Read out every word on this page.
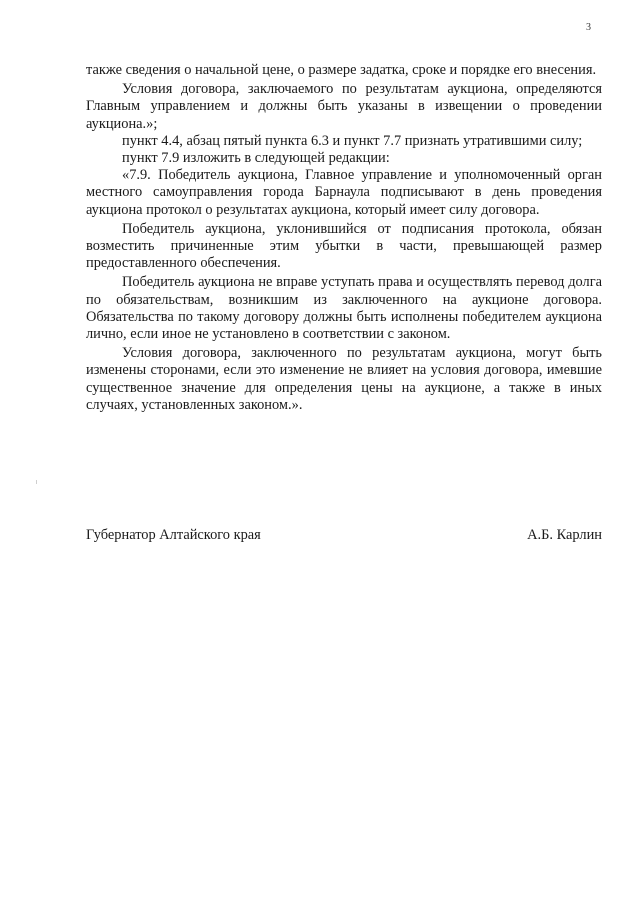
3

также сведения о начальной цене, о размере задатка, сроке и порядке его внесения.

Условия договора, заключаемого по результатам аукциона, определяются Главным управлением и должны быть указаны в извещении о проведении аукциона.»;

пункт 4.4, абзац пятый пункта 6.3 и пункт 7.7 признать утратившими силу;

пункт 7.9 изложить в следующей редакции:

«7.9. Победитель аукциона, Главное управление и уполномоченный орган местного самоуправления города Барнаула подписывают в день проведения аукциона протокол о результатах аукциона, который имеет силу договора.

Победитель аукциона, уклонившийся от подписания протокола, обязан возместить причиненные этим убытки в части, превышающей размер предоставленного обеспечения.

Победитель аукциона не вправе уступать права и осуществлять перевод долга по обязательствам, возникшим из заключенного на аукционе договора. Обязательства по такому договору должны быть исполнены победителем аукциона лично, если иное не установлено в соответствии с законом.

Условия договора, заключенного по результатам аукциона, могут быть изменены сторонами, если это изменение не влияет на условия договора, имевшие существенное значение для определения цены на аукционе, а также в иных случаях, установленных законом.».

Губернатор Алтайского края	А.Б. Карлин
